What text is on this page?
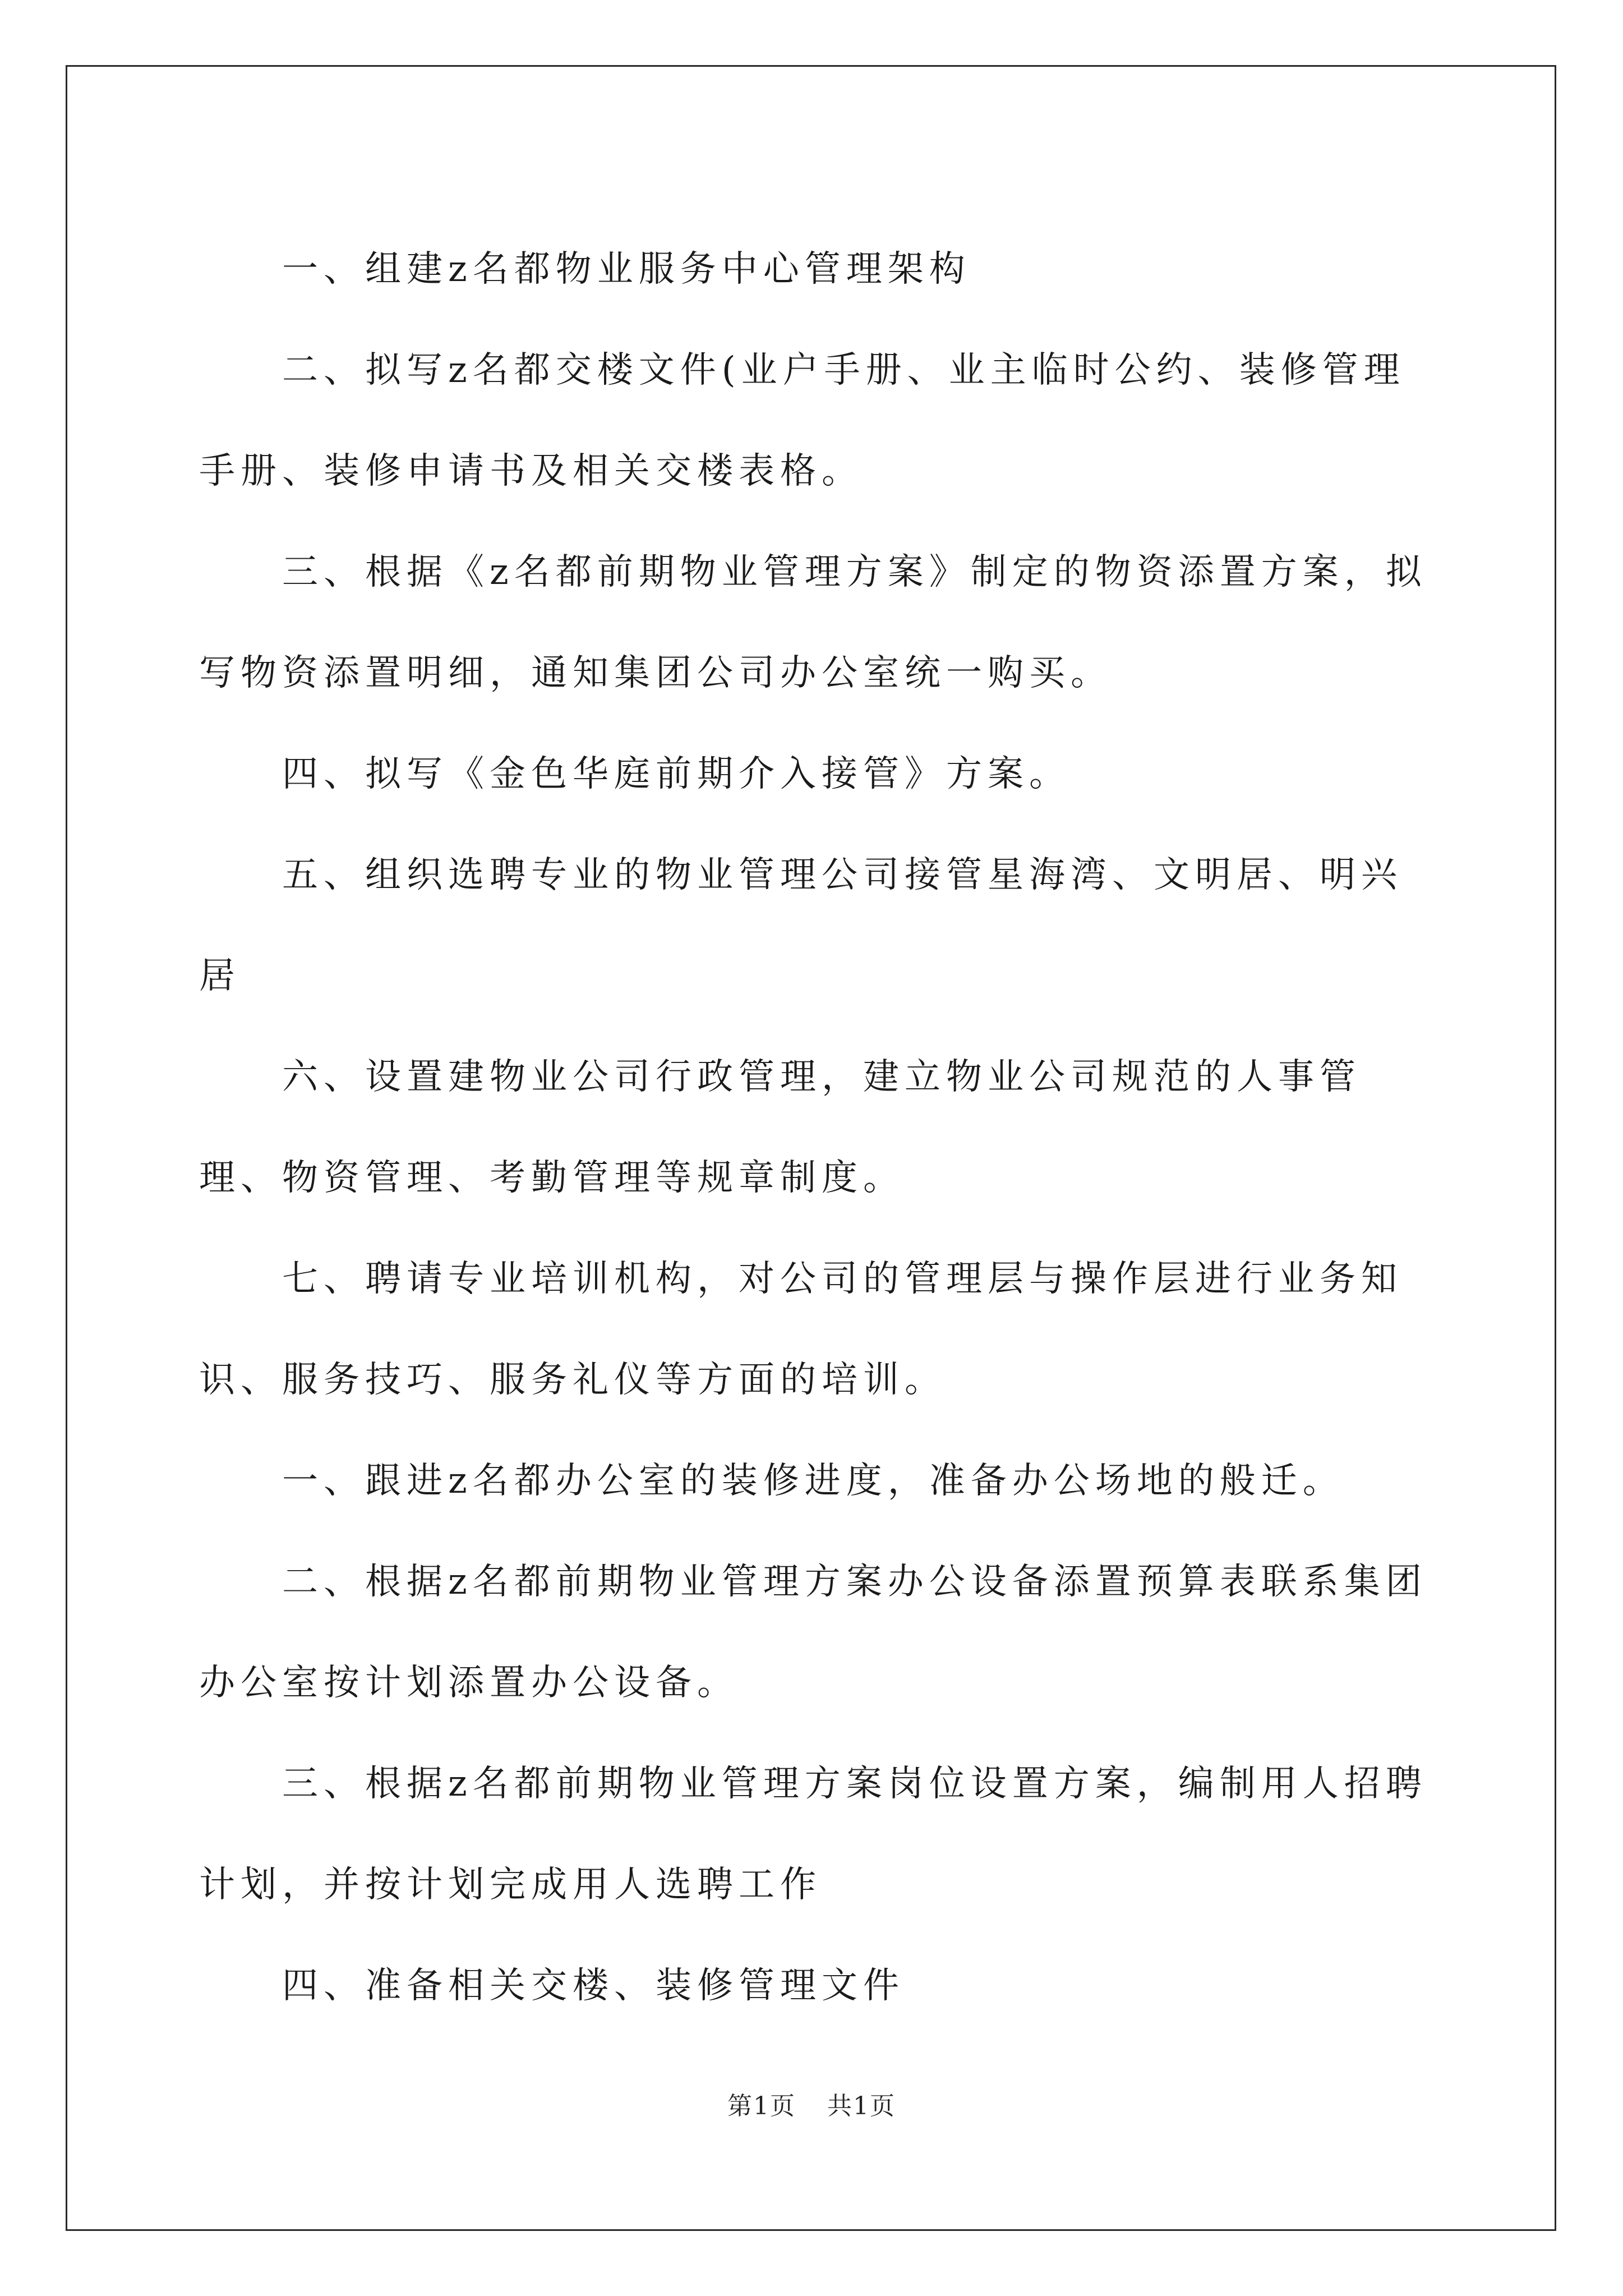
一、组建z名都物业服务中心管理架构

二、拟写z名都交楼文件(业户手册、业主临时公约、装修管理手册、装修申请书及相关交楼表格。

三、根据《z名都前期物业管理方案》制定的物资添置方案，拟写物资添置明细，通知集团公司办公室统一购买。

四、拟写《金色华庭前期介入接管》方案。

五、组织选聘专业的物业管理公司接管星海湾、文明居、明兴居

六、设置建物业公司行政管理，建立物业公司规范的人事管理、物资管理、考勤管理等规章制度。

七、聘请专业培训机构，对公司的管理层与操作层进行业务知识、服务技巧、服务礼仪等方面的培训。

一、跟进z名都办公室的装修进度，准备办公场地的般迁。

二、根据z名都前期物业管理方案办公设备添置预算表联系集团办公室按计划添置办公设备。

三、根据z名都前期物业管理方案岗位设置方案，编制用人招聘计划，并按计划完成用人选聘工作

四、准备相关交楼、装修管理文件

第1页 共1页
